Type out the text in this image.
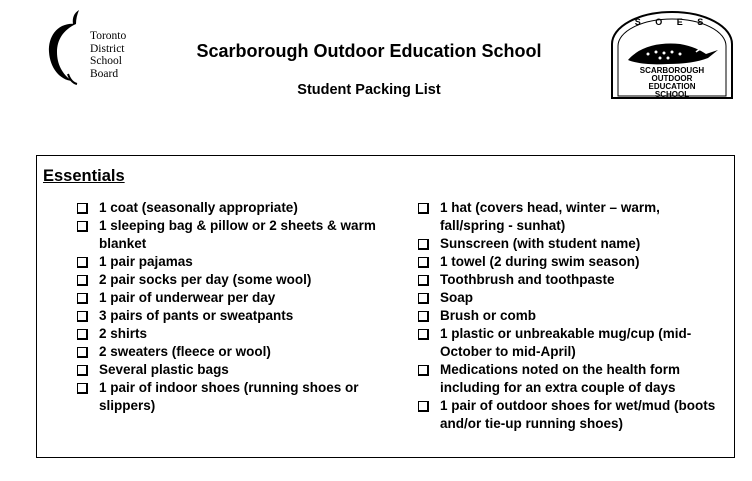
Toronto
District
School
Board
Scarborough Outdoor Education School
Student Packing List
S O E S
SCARBOROUGH
OUTDOOR
EDUCATION
SCHOOL
Essentials
1 coat (seasonally appropriate)
1 sleeping bag & pillow or 2 sheets & warm blanket
1 pair pajamas
2 pair socks per day (some wool)
1 pair of underwear per day
3 pairs of pants or sweatpants
2 shirts
2 sweaters (fleece or wool)
Several plastic bags
1 pair of indoor shoes (running shoes or slippers)
1 hat (covers head, winter – warm, fall/spring - sunhat)
Sunscreen (with student name)
1 towel (2 during swim season)
Toothbrush and toothpaste
Soap
Brush or comb
1 plastic or unbreakable mug/cup (mid-October to mid-April)
Medications noted on the health form including for an extra couple of days
1 pair of outdoor shoes for wet/mud (boots and/or tie-up running shoes)
